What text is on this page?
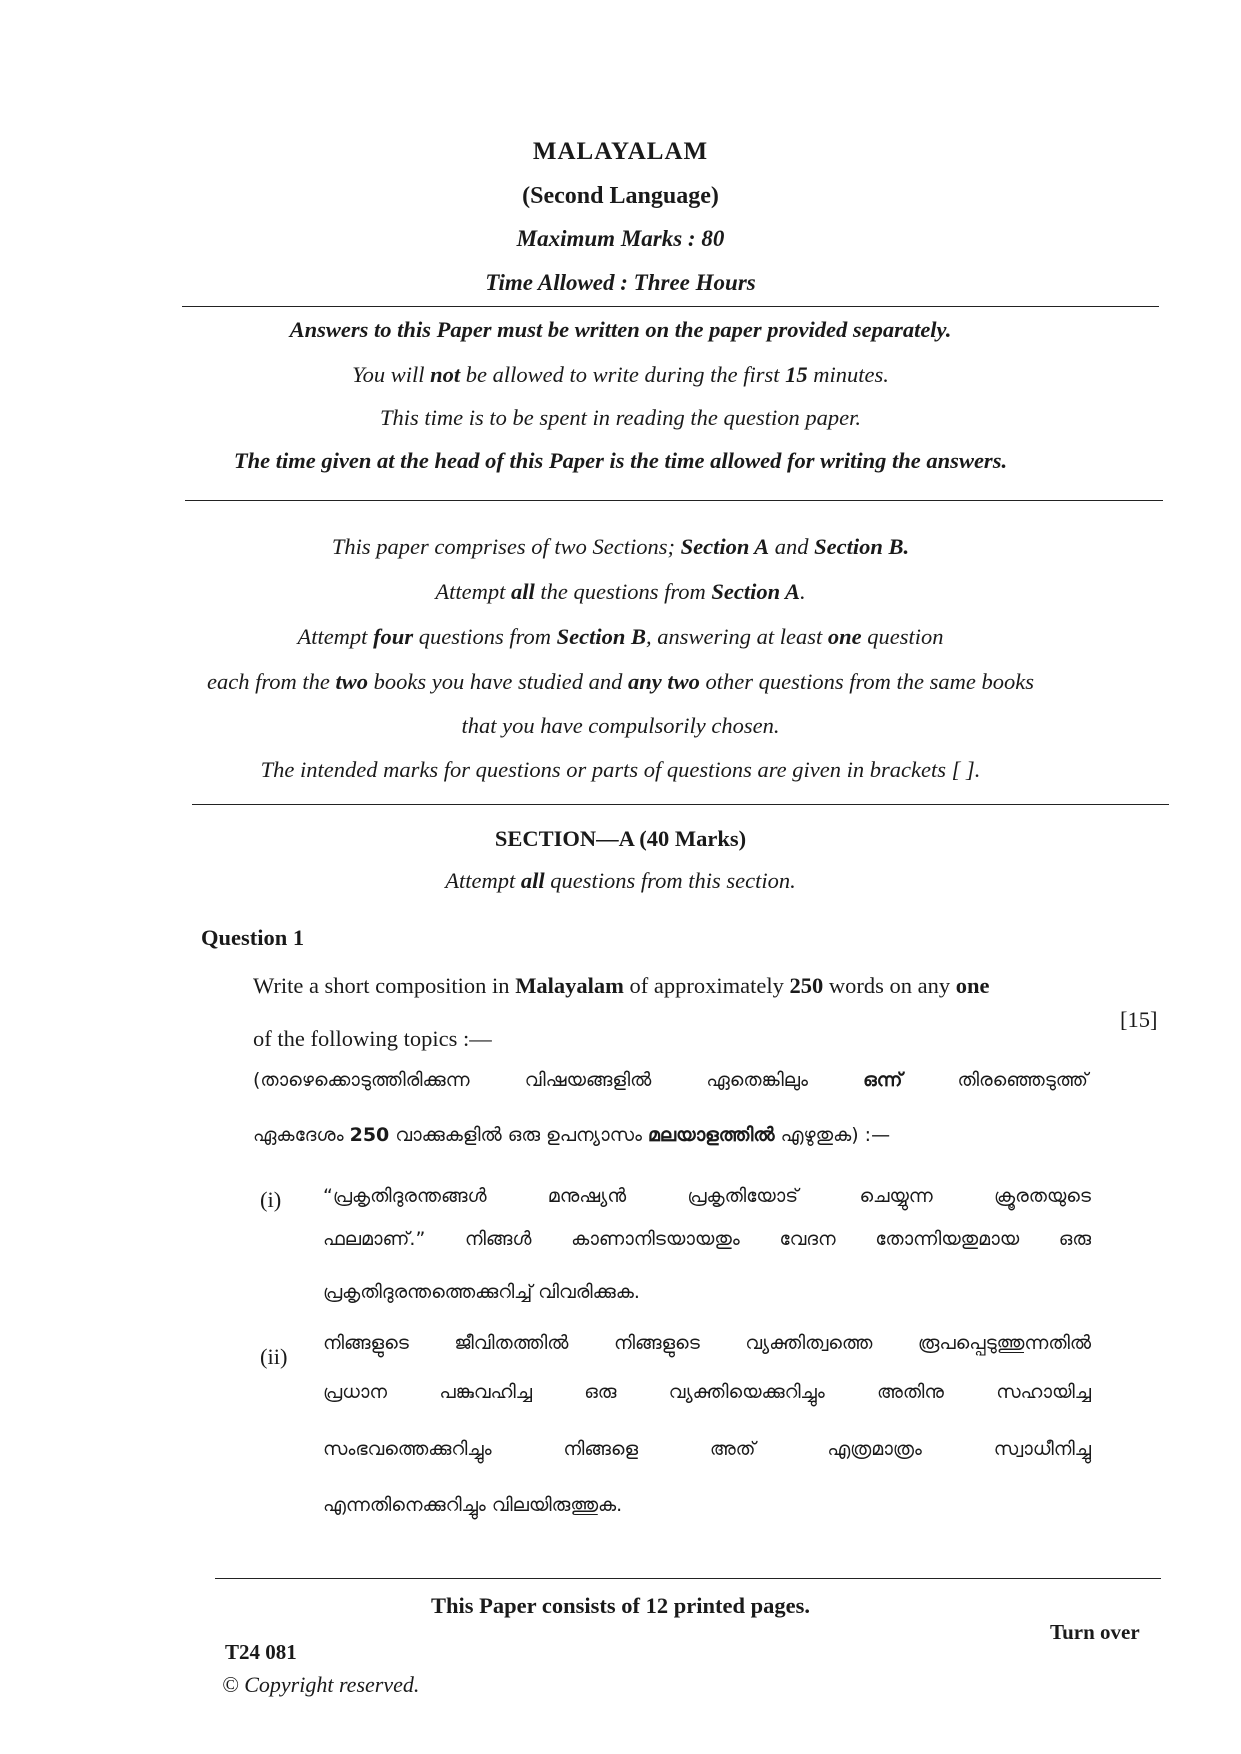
MALAYALAM
(Second Language)
Maximum Marks : 80
Time Allowed : Three Hours
Answers to this Paper must be written on the paper provided separately.
You will not be allowed to write during the first 15 minutes.
This time is to be spent in reading the question paper.
The time given at the head of this Paper is the time allowed for writing the answers.
This paper comprises of two Sections; Section A and Section B.
Attempt all the questions from Section A.
Attempt four questions from Section B, answering at least one question
each from the two books you have studied and any two other questions from the same books
that you have compulsorily chosen.
The intended marks for questions or parts of questions are given in brackets [ ].
SECTION—A (40 Marks)
Attempt all questions from this section.
Question 1
Write a short composition in Malayalam of approximately 250 words on any one
of the following topics :—
[15]
(താഴെക്കൊടുത്തിരിക്കുന്ന വിഷയങ്ങളിൽ ഏതെങ്കിലും ഒന്ന് തിരഞ്ഞെടുത്ത്
ഏകദേശം 250 വാക്കുകളിൽ ഒരു ഉപന്യാസം മലയാളത്തിൽ എഴുതുക) :—
(i) “പ്രകൃതിദുരന്തങ്ങൾ മനുഷ്യൻ പ്രകൃതിയോട് ചെയ്യുന്ന ക്രൂരതയുടെ
ഫലമാണ്.” നിങ്ങൾ കാണാനിടയായതും വേദന തോന്നിയതുമായ ഒരു
പ്രകൃതിദുരന്തത്തെക്കുറിച്ച് വിവരിക്കുക.
(ii)
നിങ്ങളുടെ ജീവിതത്തിൽ നിങ്ങളുടെ വ്യക്തിത്വത്തെ രൂപപ്പെടുത്തുന്നതിൽ
പ്രധാന പങ്കുവഹിച്ച ഒരു വ്യക്തിയെക്കുറിച്ചും അതിനു സഹായിച്ച
സംഭവത്തെക്കുറിച്ചും നിങ്ങളെ അത് എത്രമാത്രം സ്വാധീനിച്ചു
എന്നതിനെക്കുറിച്ചും വിലയിരുത്തുക.
This Paper consists of 12 printed pages.
Turn over
T24 081
© Copyright reserved.
